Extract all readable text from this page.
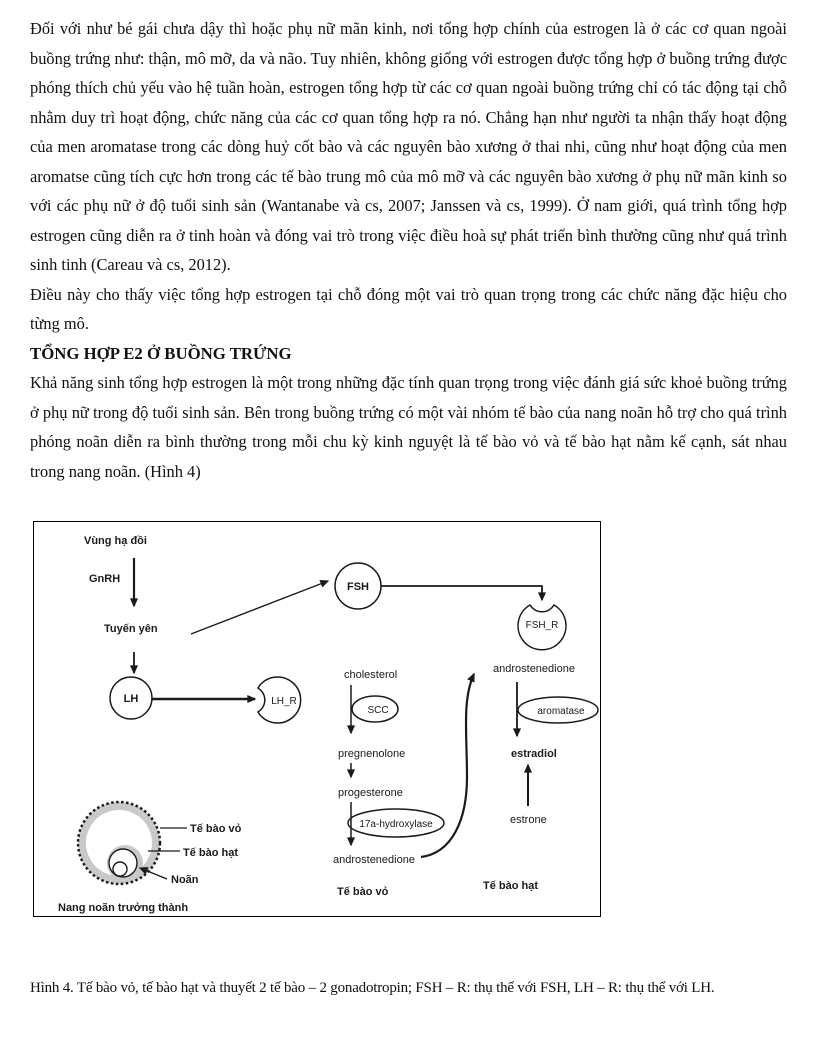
Đối với như bé gái chưa dậy thì hoặc phụ nữ mãn kinh, nơi tổng hợp chính của estrogen là ở các cơ quan ngoài buồng trứng như: thận, mô mỡ, da và não. Tuy nhiên, không giống với estrogen được tổng hợp ở buồng trứng được phóng thích chủ yếu vào hệ tuần hoàn, estrogen tổng hợp từ các cơ quan ngoài buồng trứng chỉ có tác động tại chỗ nhằm duy trì hoạt động, chức năng của các cơ quan tổng hợp ra nó. Chẳng hạn như người ta nhận thấy hoạt động của men aromatase trong các dòng huỷ cốt bào và các nguyên bào xương ở thai nhi, cũng như hoạt động của men aromatse cũng tích cực hơn trong các tế bào trung mô của mô mỡ và các nguyên bào xương ở phụ nữ mãn kinh so với các phụ nữ ở độ tuổi sinh sản (Wantanabe và cs, 2007; Janssen và cs, 1999). Ở nam giới, quá trình tổng hợp estrogen cũng diễn ra ở tinh hoàn và đóng vai trò trong việc điều hoà sự phát triển bình thường cũng như quá trình sinh tinh (Careau và cs, 2012).

Điều này cho thấy việc tổng hợp estrogen tại chỗ đóng một vai trò quan trọng trong các chức năng đặc hiệu cho từng mô.

TỔNG HỢP E2 Ở BUỒNG TRỨNG

Khả năng sinh tổng hợp estrogen là một trong những đặc tính quan trọng trong việc đánh giá sức khoẻ buồng trứng ở phụ nữ trong độ tuổi sinh sản. Bên trong buồng trứng có một vài nhóm tế bào của nang noãn hỗ trợ cho quá trình phóng noãn diễn ra bình thường trong mỗi chu kỳ kinh nguyệt là tế bào vỏ và tế bào hạt nằm kế cạnh, sát nhau trong nang noãn. (Hình 4)

Vùng hạ đồi
GnRH
Tuyến yên
FSH
FSH_R
LH	LH_R
cholesterol
SCC
pregnenolone
progesterone
17a-hydroxylase
androstenedione
androstenedione
aromatase
estradiol
estrone
Tế bào vỏ	Tế bào hạt
Tế bào vỏ
Tế bào hạt
Noãn
Nang noãn trưởng thành

Hình 4. Tế bào vỏ, tế bào hạt và thuyết 2 tế bào – 2 gonadotropin; FSH – R: thụ thể với FSH, LH – R: thụ thể với LH.
